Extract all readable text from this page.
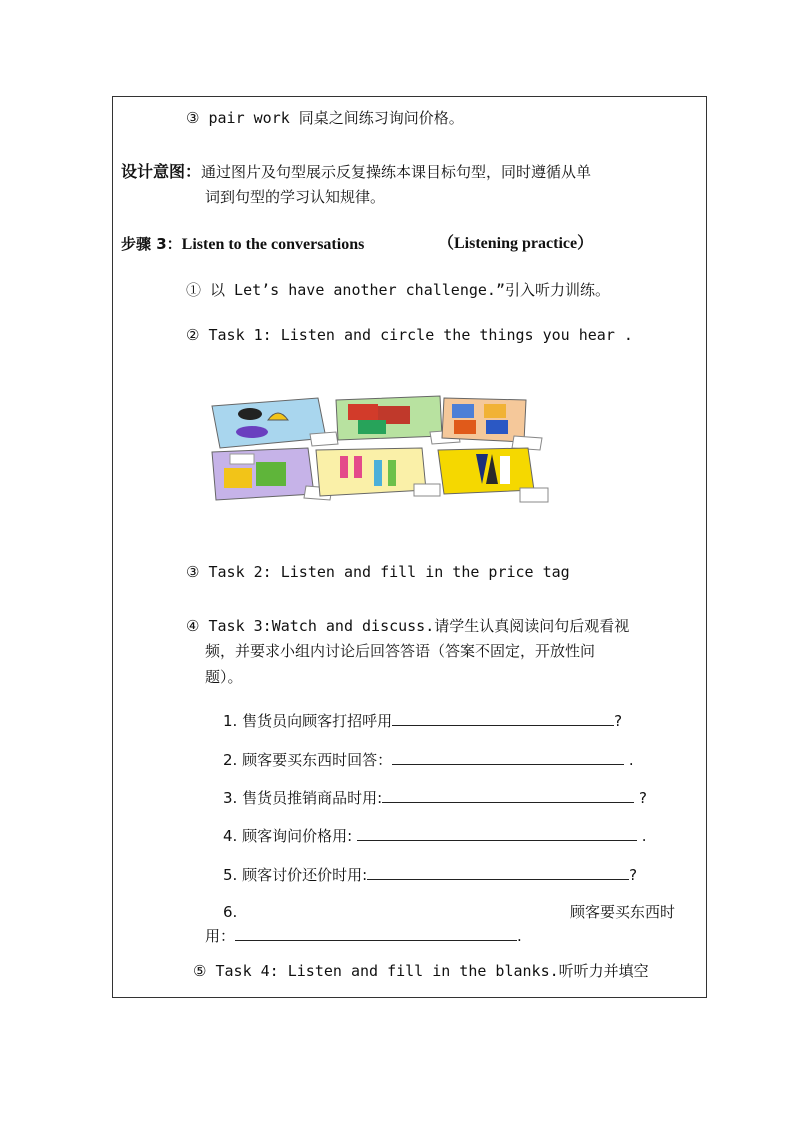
③ pair work 同桌之间练习询问价格。
设计意图：通过图片及句型展示反复操练本课目标句型，同时遵循从单
词到句型的学习认知规律。
步骤 3：Listen to the conversations	（Listening practice）
① 以 Let’s have another challenge.”引入听力训练。
② Task 1: Listen and circle the things you hear .
③ Task 2: Listen and fill in the price tag
④ Task 3:Watch and discuss.请学生认真阅读问句后观看视
频，并要求小组内讨论后回答答语（答案不固定，开放性问
题）。
1. 售货员向顾客打招呼用	?
2. 顾客要买东西时回答：	.
3. 售货员推销商品时用:	?
4. 顾客询问价格用:	.
5. 顾客讨价还价时用:	?
6.	顾客要买东西时
用：	.
⑤ Task 4: Listen and fill in the blanks.听听力并填空
